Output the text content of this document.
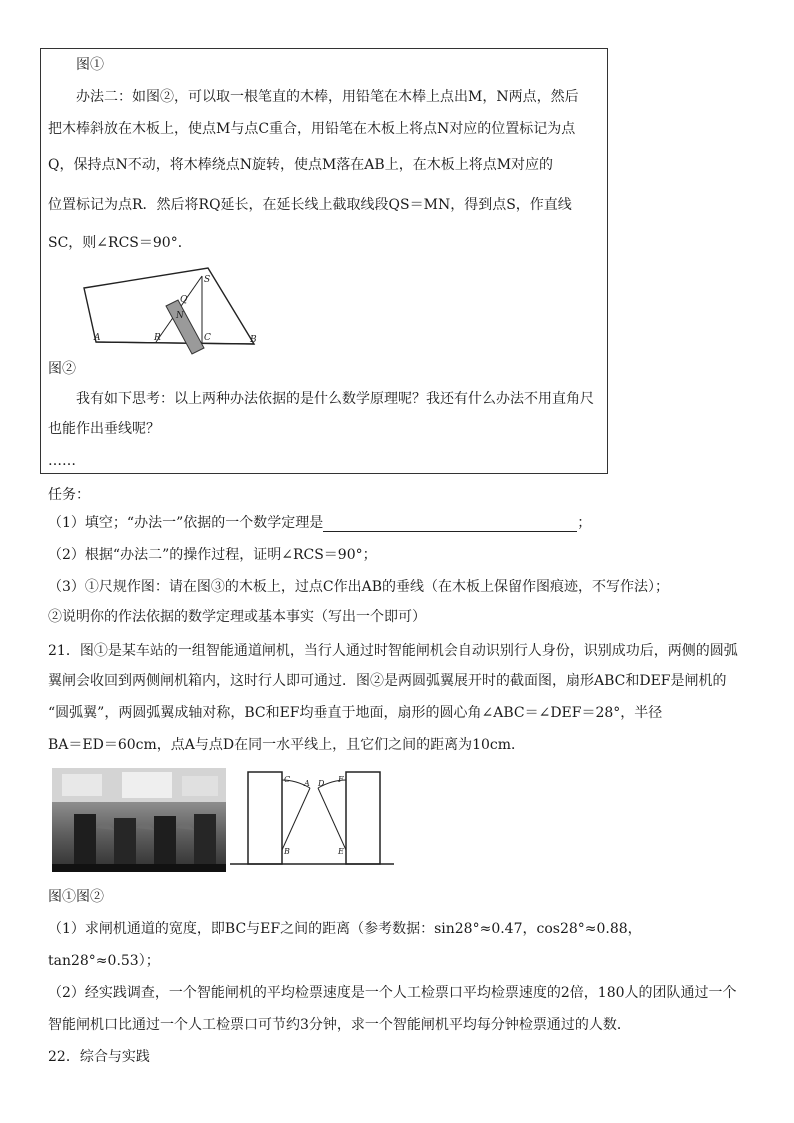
图①
办法二：如图②，可以取一根笔直的木棒，用铅笔在木棒上点出M，N两点，然后
把木棒斜放在木板上，使点M与点C重合，用铅笔在木板上将点N对应的位置标记为点
Q，保持点N不动，将木棒绕点N旋转，使点M落在AB上，在木板上将点M对应的
位置标记为点R．然后将RQ延长，在延长线上截取线段QS＝MN，得到点S，作直线
SC，则∠RCS＝90°．
A	R
Q
N
C	B
S
图②
我有如下思考：以上两种办法依据的是什么数学原理呢？我还有什么办法不用直角尺
也能作出垂线呢？
……
任务：
（1）填空；“办法一”依据的一个数学定理是	；
（2）根据“办法二”的操作过程，证明∠RCS＝90°；
（3）①尺规作图：请在图③的木板上，过点C作出AB的垂线（在木板上保留作图痕迹，不写作法）；
②说明你的作法依据的数学定理或基本事实（写出一个即可）
21．图①是某车站的一组智能通道闸机，当行人通过时智能闸机会自动识别行人身份，识别成功后，两侧的圆弧
翼闸会收回到两侧闸机箱内，这时行人即可通过．图②是两圆弧翼展开时的截面图，扇形ABC和DEF是闸机的
“圆弧翼”，两圆弧翼成轴对称，BC和EF均垂直于地面，扇形的圆心角∠ABC＝∠DEF＝28°，半径
BA＝ED＝60cm，点A与点D在同一水平线上，且它们之间的距离为10cm．
C A D F
B	E
图①图②
（1）求闸机通道的宽度，即BC与EF之间的距离（参考数据：sin28°≈0.47，cos28°≈0.88，
tan28°≈0.53）；
（2）经实践调查，一个智能闸机的平均检票速度是一个人工检票口平均检票速度的2倍，180人的团队通过一个
智能闸机口比通过一个人工检票口可节约3分钟，求一个智能闸机平均每分钟检票通过的人数．
22．综合与实践
